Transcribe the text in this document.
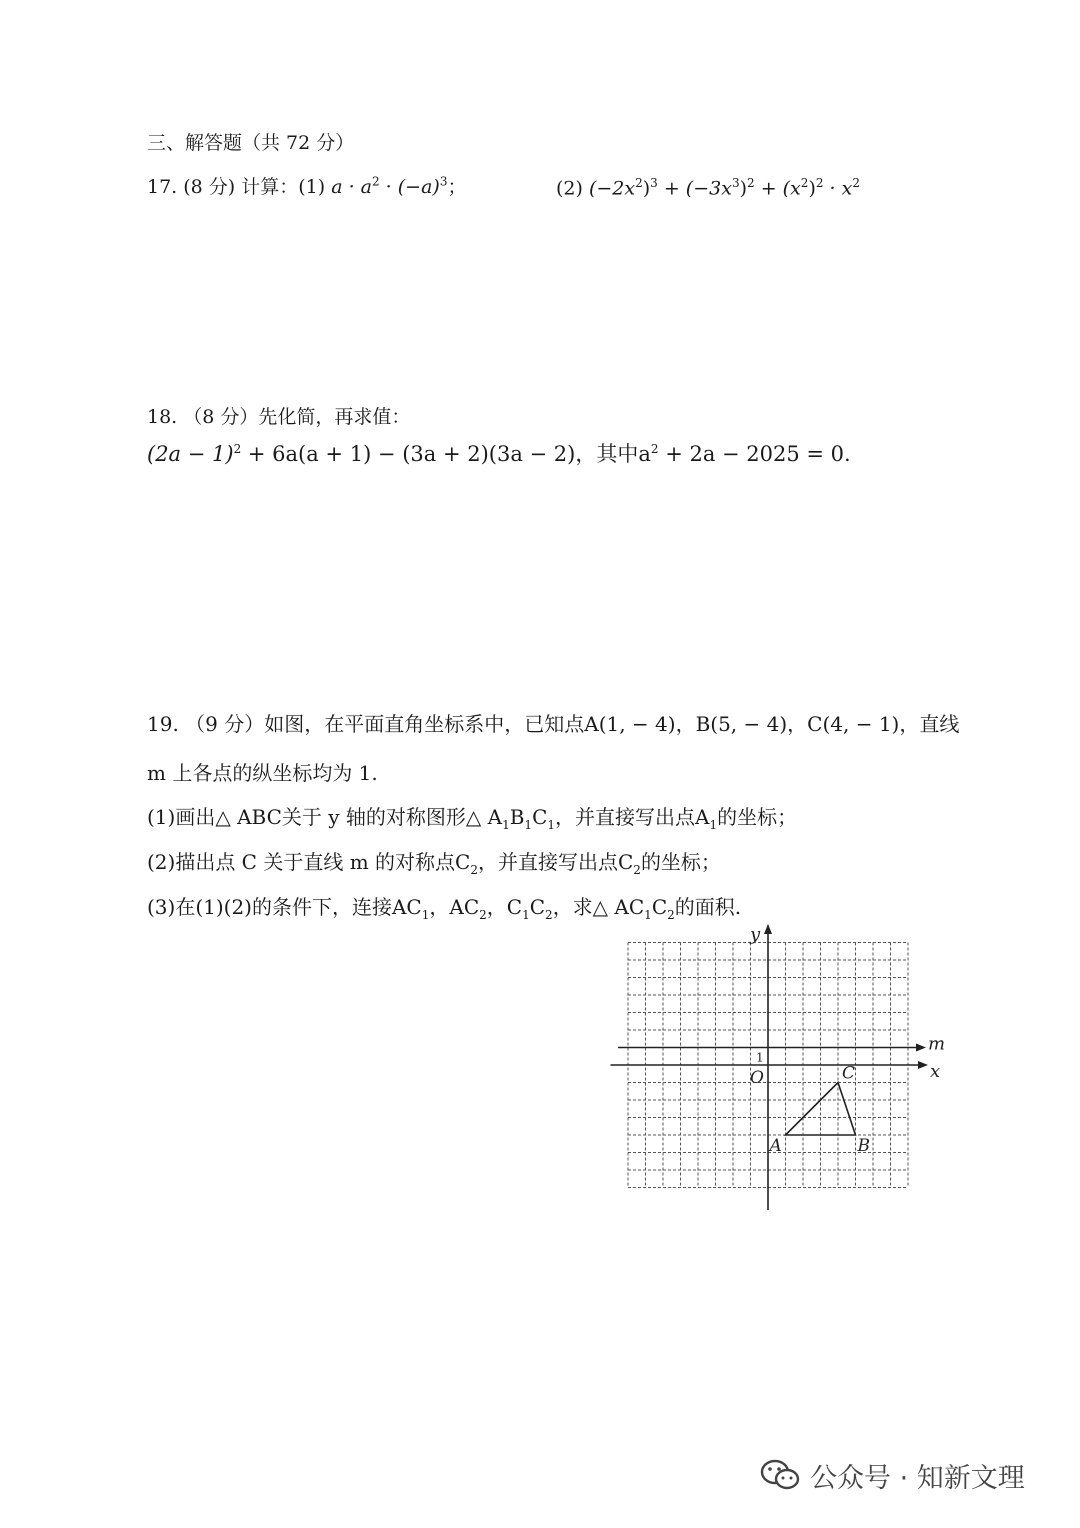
三、解答题（共 72 分）
17. (8 分) 计算：(1) $a \cdot a^2 \cdot (-a)^3$；	(2) $(-2x^2)^3 + (-3x^3)^2 + (x^2)^2 \cdot x^2$
18. （8 分）先化简，再求值：
$(2a - 1)^2 + 6a(a + 1) - (3a + 2)(3a - 2)$，其中$a^2 + 2a - 2025 = 0$.
19. （9 分）如图，在平面直角坐标系中，已知点A(1, − 4)，B(5, − 4)，C(4, − 1)，直线
m 上各点的纵坐标均为 1.
(1)画出△ ABC关于 y 轴的对称图形△ $A_1B_1C_1$，并直接写出点$A_1$的坐标；
(2)描出点 C 关于直线 m 的对称点$C_2$，并直接写出点$C_2$的坐标；
(3)在(1)(2)的条件下，连接$AC_1$，$AC_2$，$C_1C_2$，求△ $AC_1C_2$的面积.
y
x
m
O
1
A	B
C
公众号 · 知新文理
